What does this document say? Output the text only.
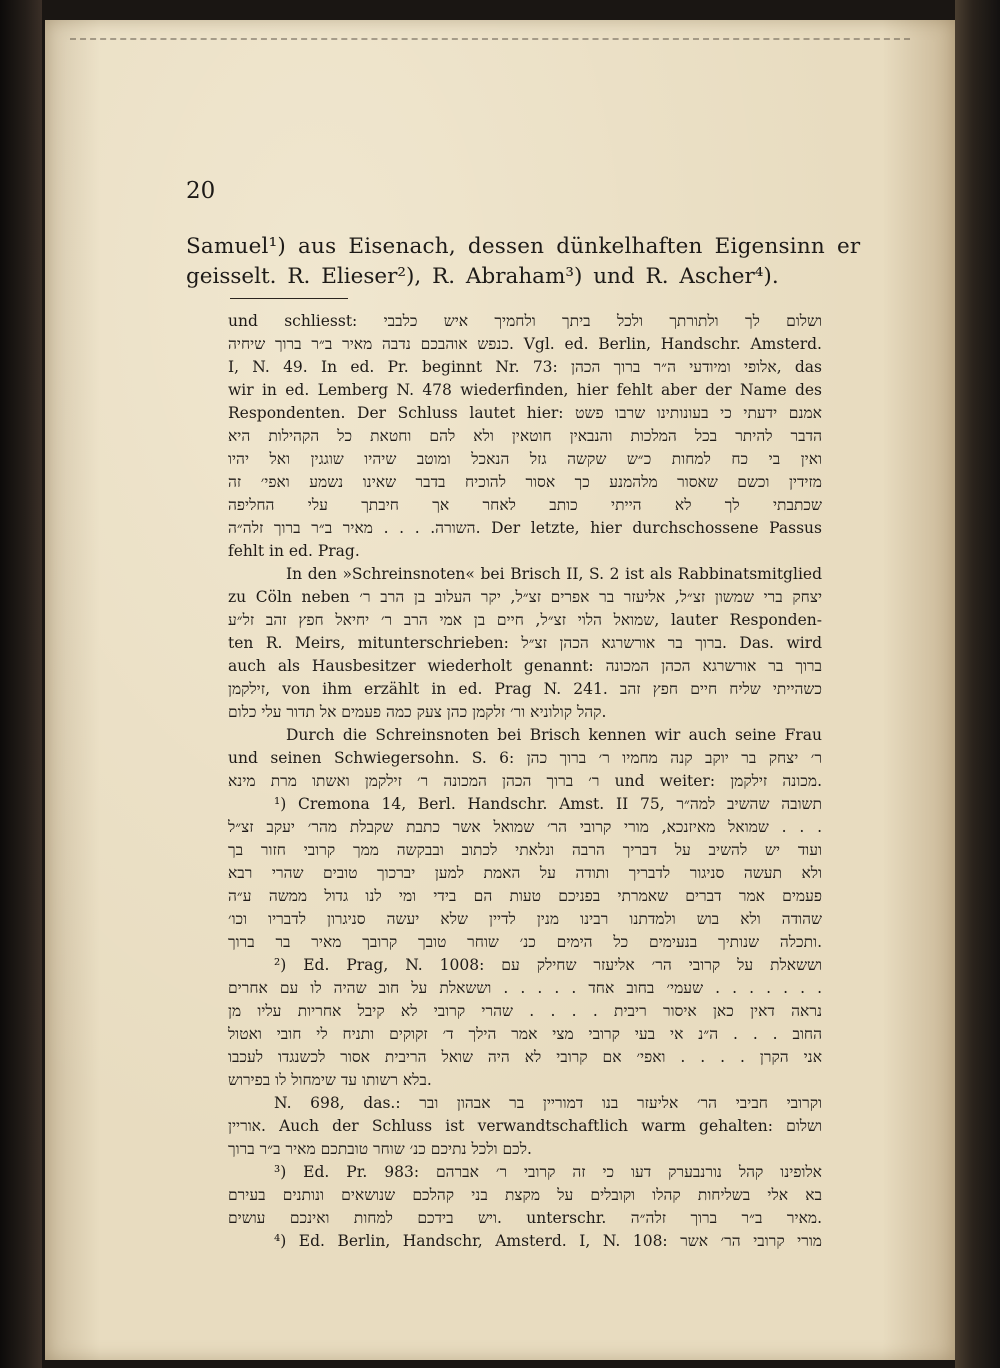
20
Samuel¹) aus Eisenach, dessen dünkelhaften Eigensinn er
geisselt. R. Elieser²), R. Abraham³) und R. Ascher⁴).
und schliesst: ושלום לך ולתורתך ולכל ביתך ולחמיך איש כלבבי
כנפש אוהבכם נדבה מאיר ב״ר ברוך שיחיה. Vgl. ed. Berlin, Handschr. Amsterd.
I, N. 49. In ed. Pr. beginnt Nr. 73: אלופי ומיודעי ה״ר ברוך הכהן, das
wir in ed. Lemberg N. 478 wiederfinden, hier fehlt aber der Name des
Respondenten. Der Schluss lautet hier: אמנם ידעתי כי בעונותינו שרבו פשט
הדבר להיתר בכל המלכות והנבאין חוטאין ולא להם וחטאת כל הקהילות היא
ואין בי כח למחות כ״ש שקשה גזל הנאכל ומוטב שיהיו שוגגין ואל יהיו
מזידין וכשם שאסור מלהמנע כך אסור להוכיח בדבר שאינו נשמע ואפי׳ זה
שכתבתי לך לא הייתי כותב לאחר אך חיבתך עלי החליפה
השורה. . . . מאיר ב״ר ברוך זלה״ה. Der letzte, hier durchschossene Passus
fehlt in ed. Prag.
In den »Schreinsnoten« bei Brisch II, S. 2 ist als Rabbinatsmitglied
zu Cöln neben יצחק ברי שמשון זצ״ל, אליעזר בר אפרים זצ״ל, יקר העלוב בן הרב ר׳
שמואל הלוי זצ״ל, חיים בן אמי הרב ר׳ יחיאל חפץ זהב זל״ע, lauter Responden-
ten R. Meirs, mitunterschrieben: ברוך בר אורשרגא הכהן זצ״ל. Das. wird
auch als Hausbesitzer wiederholt genannt: ברוך בר אורשרגא הכהן המכונה
זילקמן, von ihm erzählt in ed. Prag N. 241. כשהייתי שליח חיים חפץ זהב
קהל קולוניא ור׳ זלקמן כהן צעק כמה פעמים אל תדור עלי כלום.
Durch die Schreinsnoten bei Brisch kennen wir auch seine Frau
und seinen Schwiegersohn. S. 6: ר׳ יצחק בר יוקב קנה מחמיו ר׳ ברוך כהן
ר׳ ברוך הכהן המכונה ר׳ זילקמן ואשתו מרת מינא und weiter: מכונה זילקמן.
¹) Cremona 14, Berl. Handschr. Amst. II 75, תשובה שהשיב למה״ר
שמואל מאיזנכא, מורי קרובי הר׳ שמואל אשר כתבת שקבלת מהר׳ יעקב זצ״ל . . .
ועוד יש להשיב על דבריך הרבה ונלאתי לכתוב ובבקשה ממך קרובי חזור בך
ולא תעשה סניגור לדבריך ותודה על האמת למען יברכוך טובים שהרי רבא
פעמים אמר דברים שאמרתי בפניכם טעות הם בידי ומי לנו גדול ממשה ע״ה
שהודה ולא בוש ולמדתנו רבינו מנין לדיין שלא יעשה סניגרון לדבריו וכו׳
ותכלה שנותיך בנעימים כל הימים כנ׳ שוחר טובך קרובך מאיר בר ברוך.
²) Ed. Prag, N. 1008: וששאלת על קרובי הר׳ אליעזר שחילק עם
שעמי׳ בחוב אחד . . . . . וששאלת על חוב שהיה לו עם אחרים . . . . . . .
נראה דאין כאן איסור ריבית . . . . שהרי קרובי לא קיבל אחריות עליו מן
החוב . . . ה״נ אי בעי קרובי מצי אמר הילך ד׳ זקוקים ותניח לי חובי ואטול
אני הקרן . . . . ואפי׳ אם קרובי לא היה שואל הריבית אסור לכשנגדו לעכבו
בלא רשותו עד שימחול לו בפירוש.
N. 698, das.: וקרובי חביבי הר׳ אליעזר בנו דמוריין בר אבהון ובר
אוריין. Auch der Schluss ist verwandtschaftlich warm gehalten: ושלום
לכם ולכל נתיכם כנ׳ שוחר טובתכם מאיר ב״ר ברוך.
³) Ed. Pr. 983: אלופינו קהל נורנבערק דעו כי זה קרובי ר׳ אברהם
בא אלי בשליחות קהלו וקובלים על מקצת בני קהלכם שנושאים ונותנים בעירם
ויש בידכם למחות ואינכם עושים. unterschr. מאיר ב״ר ברוך זלה״ה.
⁴) Ed. Berlin, Handschr, Amsterd. I, N. 108: מורי קרובי הר׳ אשר
